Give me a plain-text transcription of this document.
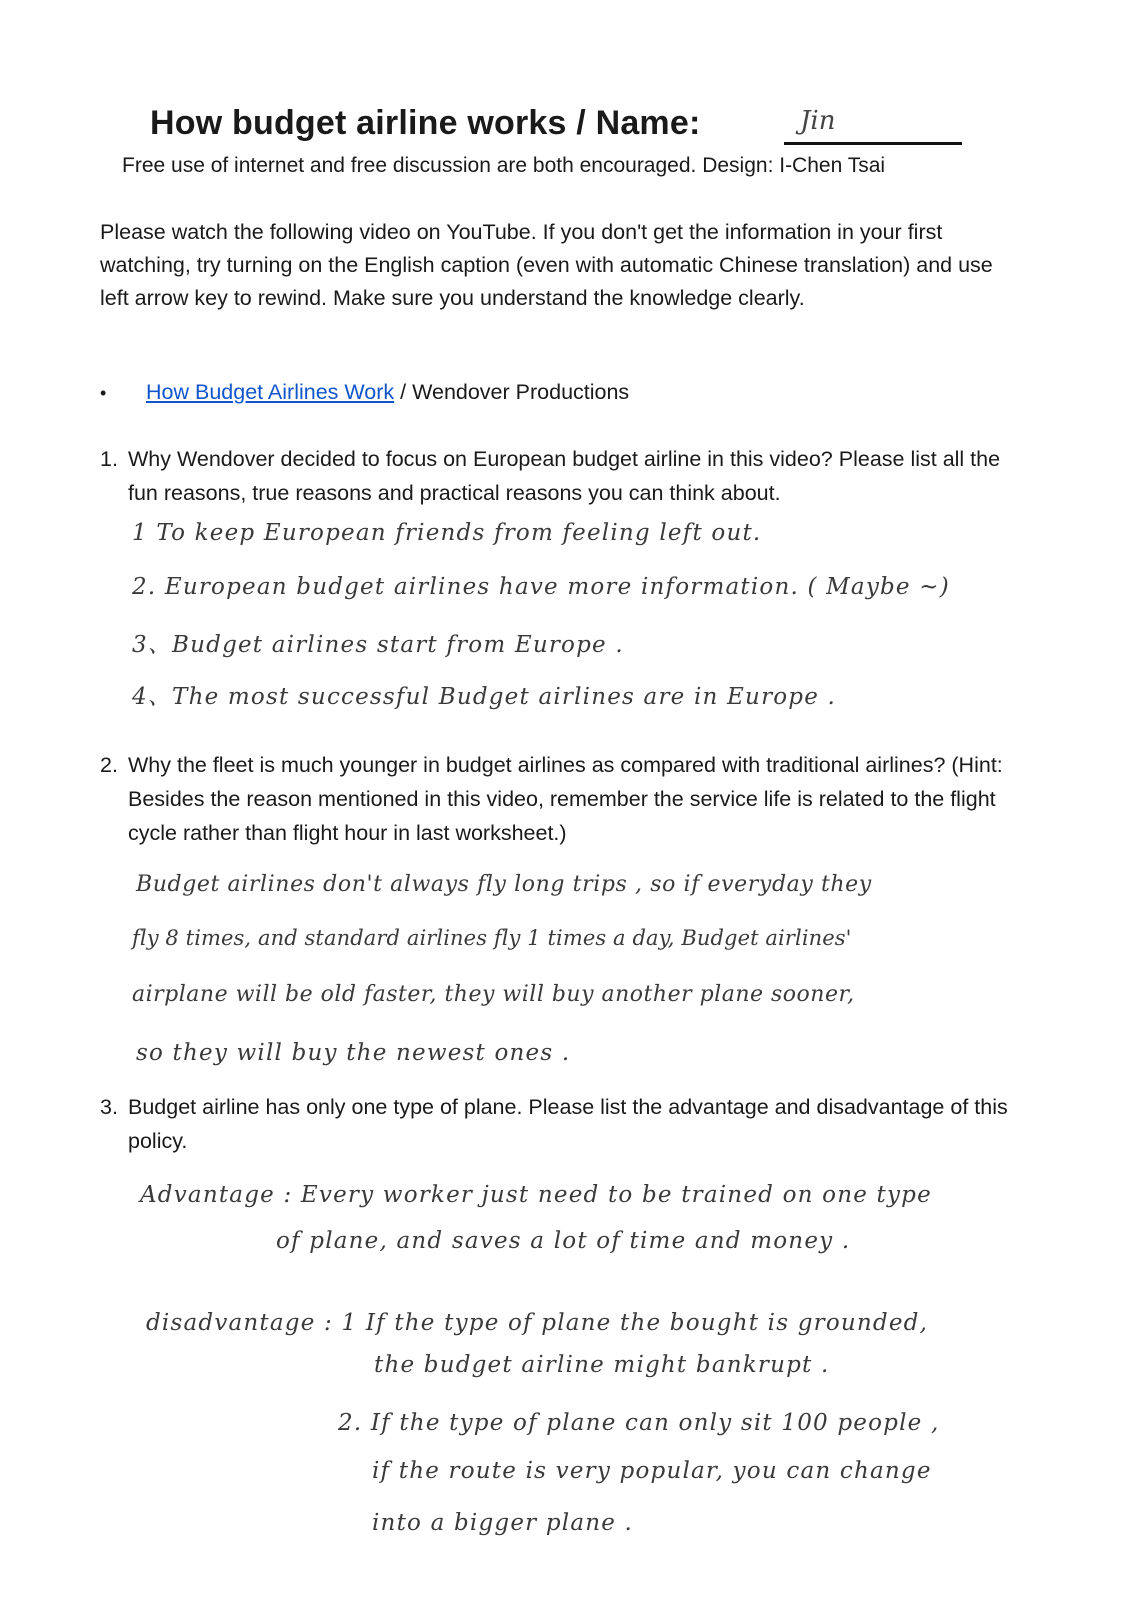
How budget airline works / Name:	Jin
Free use of internet and free discussion are both encouraged. Design: I-Chen Tsai
Please watch the following video on YouTube. If you don't get the information in your first watching, try turning on the English caption (even with automatic Chinese translation) and use left arrow key to rewind. Make sure you understand the knowledge clearly.
• How Budget Airlines Work / Wendover Productions
1. Why Wendover decided to focus on European budget airline in this video? Please list all the fun reasons, true reasons and practical reasons you can think about.
1 To keep European friends from feeling left out.
2. European budget airlines have more information. ( Maybe ~)
3、Budget airlines start from Europe .
4、The most successful Budget airlines are in Europe .
2. Why the fleet is much younger in budget airlines as compared with traditional airlines? (Hint: Besides the reason mentioned in this video, remember the service life is related to the flight cycle rather than flight hour in last worksheet.)
Budget airlines don't always fly long trips , so if everyday they
fly 8 times, and standard airlines fly 1 times a day, Budget airlines'
airplane will be old faster, they will buy another plane sooner,
so they will buy the newest ones .
3. Budget airline has only one type of plane. Please list the advantage and disadvantage of this policy.
Advantage : Every worker just need to be trained on one type
of plane, and saves a lot of time and money .
disadvantage : 1 If the type of plane the bought is grounded,
the budget airline might bankrupt .
2. If the type of plane can only sit 100 people ,
if the route is very popular, you can change
into a bigger plane .
